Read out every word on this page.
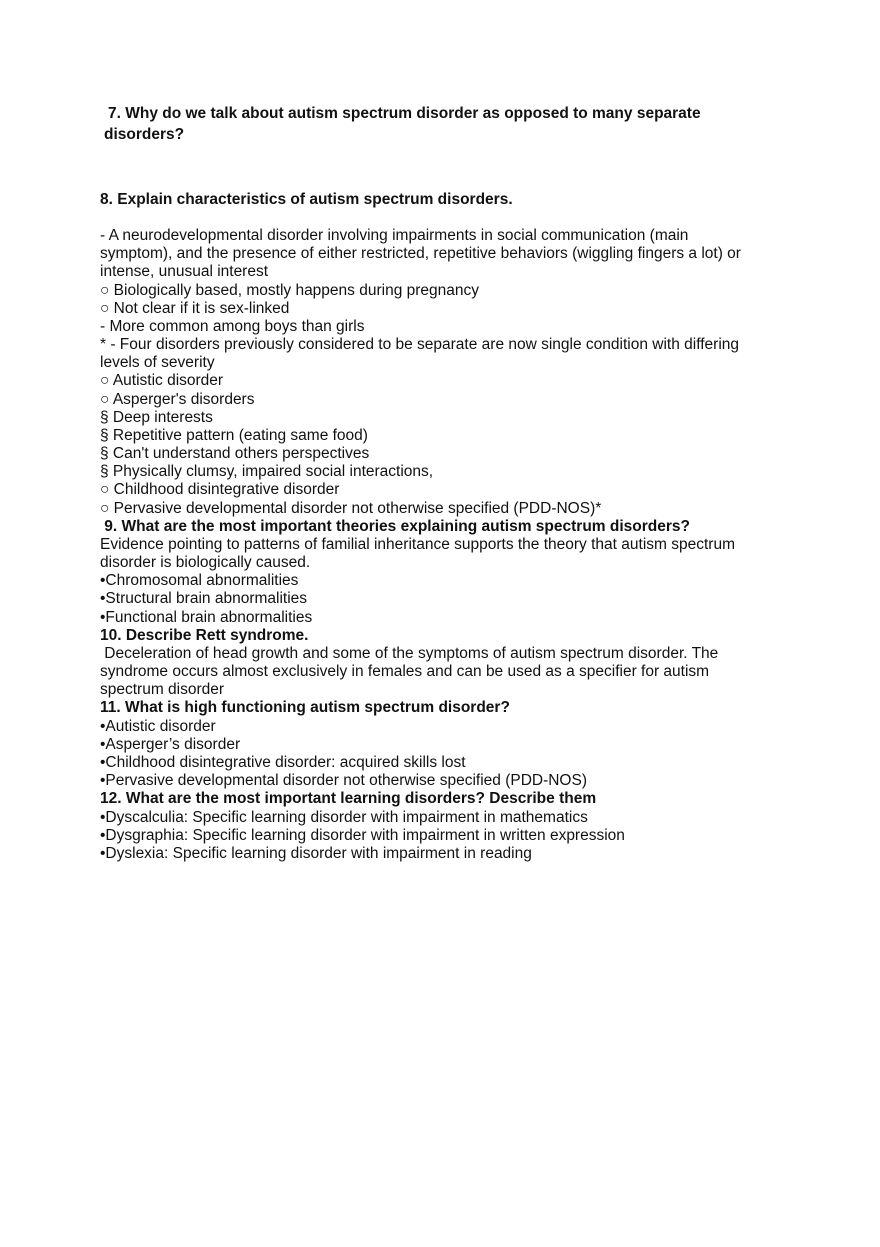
7. Why do we talk about autism spectrum disorder as opposed to many separate
disorders?
8. Explain characteristics of autism spectrum disorders.
- A neurodevelopmental disorder involving impairments in social communication (main
symptom), and the presence of either restricted, repetitive behaviors (wiggling fingers a lot) or
intense, unusual interest
○ Biologically based, mostly happens during pregnancy
○ Not clear if it is sex-linked
- More common among boys than girls
* - Four disorders previously considered to be separate are now single condition with differing
levels of severity
○ Autistic disorder
○ Asperger's disorders
§ Deep interests
§ Repetitive pattern (eating same food)
§ Can't understand others perspectives
§ Physically clumsy, impaired social interactions,
○ Childhood disintegrative disorder
○ Pervasive developmental disorder not otherwise specified (PDD-NOS)*
9. What are the most important theories explaining autism spectrum disorders?
Evidence pointing to patterns of familial inheritance supports the theory that autism spectrum
disorder is biologically caused.
•Chromosomal abnormalities
•Structural brain abnormalities
•Functional brain abnormalities
10. Describe Rett syndrome.
Deceleration of head growth and some of the symptoms of autism spectrum disorder. The
syndrome occurs almost exclusively in females and can be used as a specifier for autism
spectrum disorder
11. What is high functioning autism spectrum disorder?
•Autistic disorder
•Asperger’s disorder
•Childhood disintegrative disorder: acquired skills lost
•Pervasive developmental disorder not otherwise specified (PDD-NOS)
12. What are the most important learning disorders? Describe them
•Dyscalculia: Specific learning disorder with impairment in mathematics
•Dysgraphia: Specific learning disorder with impairment in written expression
•Dyslexia: Specific learning disorder with impairment in reading
